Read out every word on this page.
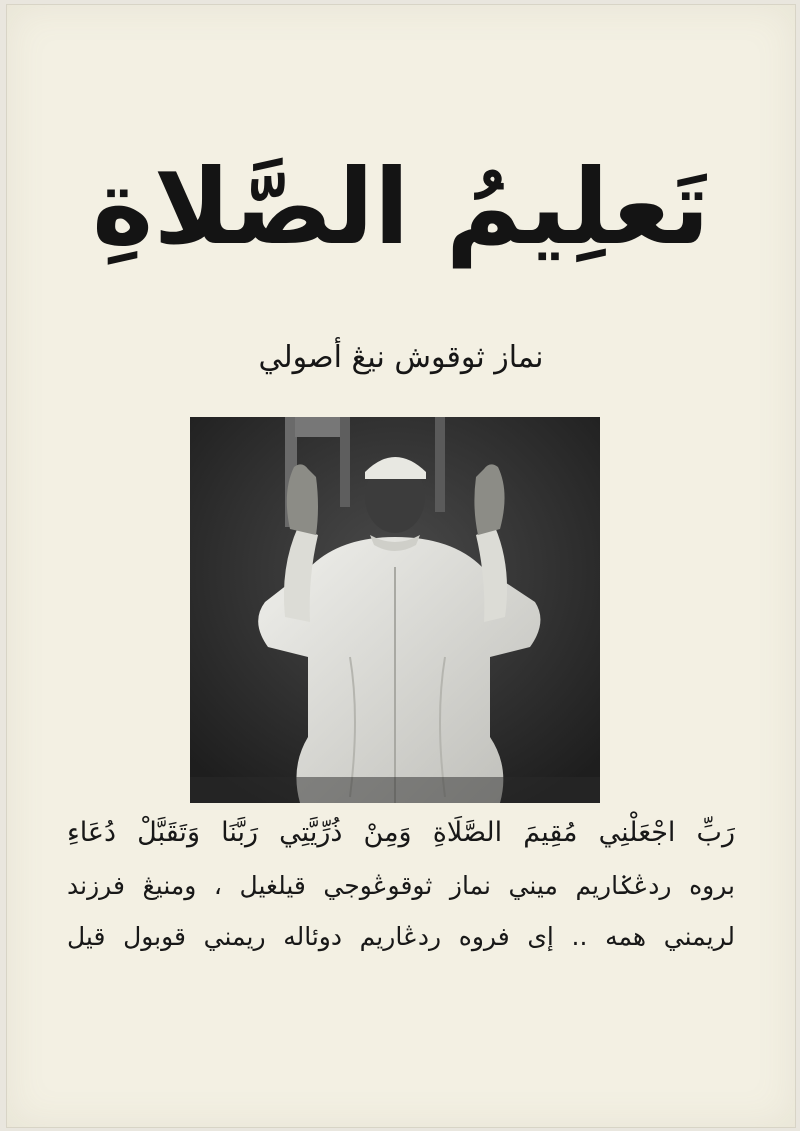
تَعلِيمُ الصَّلاةِ
نماز ثوقوش نيڠ أصولي
رَبِّ اجْعَلْنِي مُقِيمَ الصَّلَاةِ وَمِنْ ذُرِّيَّتِي رَبَّنَا وَتَقَبَّلْ دُعَاءِ
بروه ردڠݢاريم ميني نماز ثوقوڠوجي قيلغيل ، ومنيڠ فرزند
لريمني همه .. إى فروه ردڠاريم دوئاله ريمني قوبول قيل
